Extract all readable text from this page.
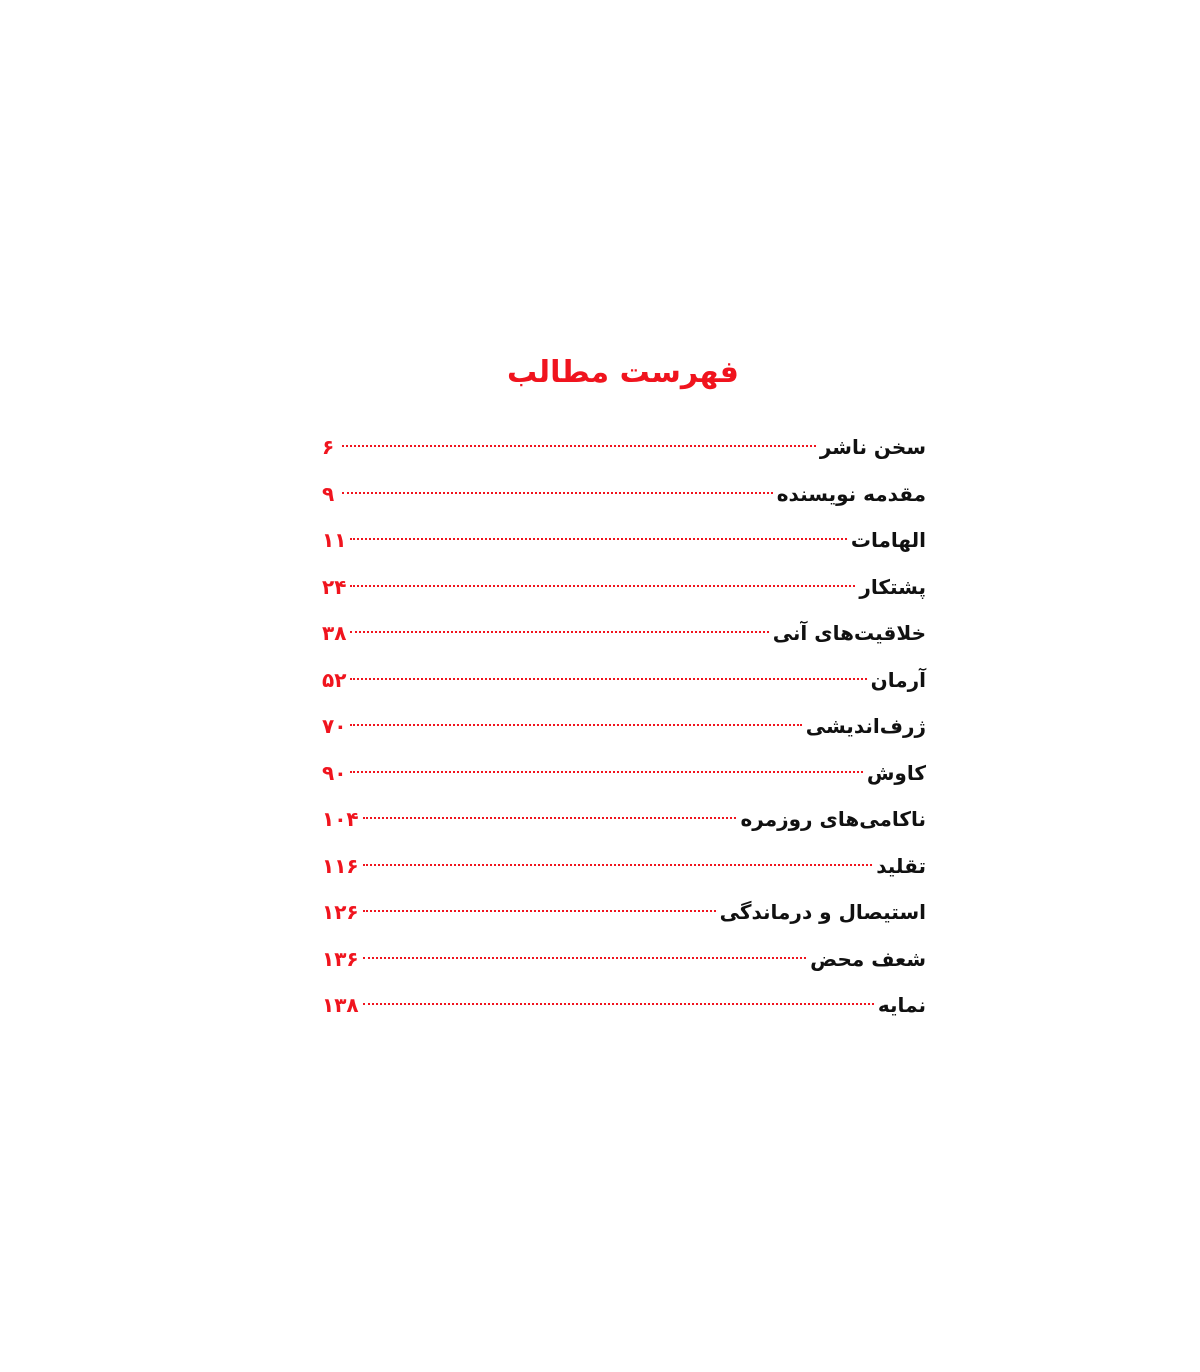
فهرست مطالب
سخن ناشر
۶
مقدمه نویسنده
۹
الهامات
۱۱
پشتکار
۲۴
خلاقیت‌های آنی
۳۸
آرمان
۵۲
ژرف‌اندیشی
۷۰
کاوش
۹۰
ناکامی‌های روزمره
۱۰۴
تقلید
۱۱۶
استیصال و درماندگی
۱۲۶
شعف محض
۱۳۶
نمایه
۱۳۸
